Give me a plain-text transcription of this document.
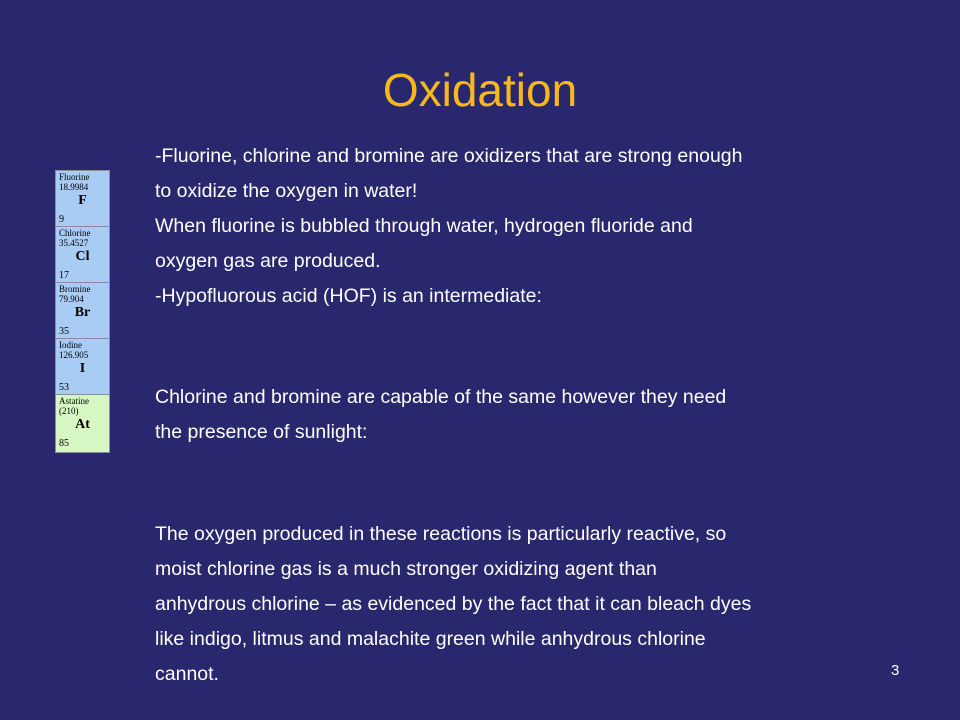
Oxidation
Fluorine
18.9984
F
9
Chlorine
35.4527
Cl
17
Bromine
79.904
Br
35
Iodine
126.905
I
53
Astatine
(210)
At
85

-Fluorine, chlorine and bromine are oxidizers that are strong enough

to oxidize the oxygen in water!

When fluorine is bubbled through water, hydrogen fluoride and

oxygen gas are produced.

-Hypofluorous acid (HOF) is an intermediate:

Chlorine and bromine are capable of the same however they need

the presence of sunlight:

The oxygen produced in these reactions is particularly reactive, so

moist chlorine gas is a much stronger oxidizing agent than

anhydrous chlorine – as evidenced by the fact that it can bleach dyes

like indigo, litmus and malachite green while anhydrous chlorine

cannot.	3
